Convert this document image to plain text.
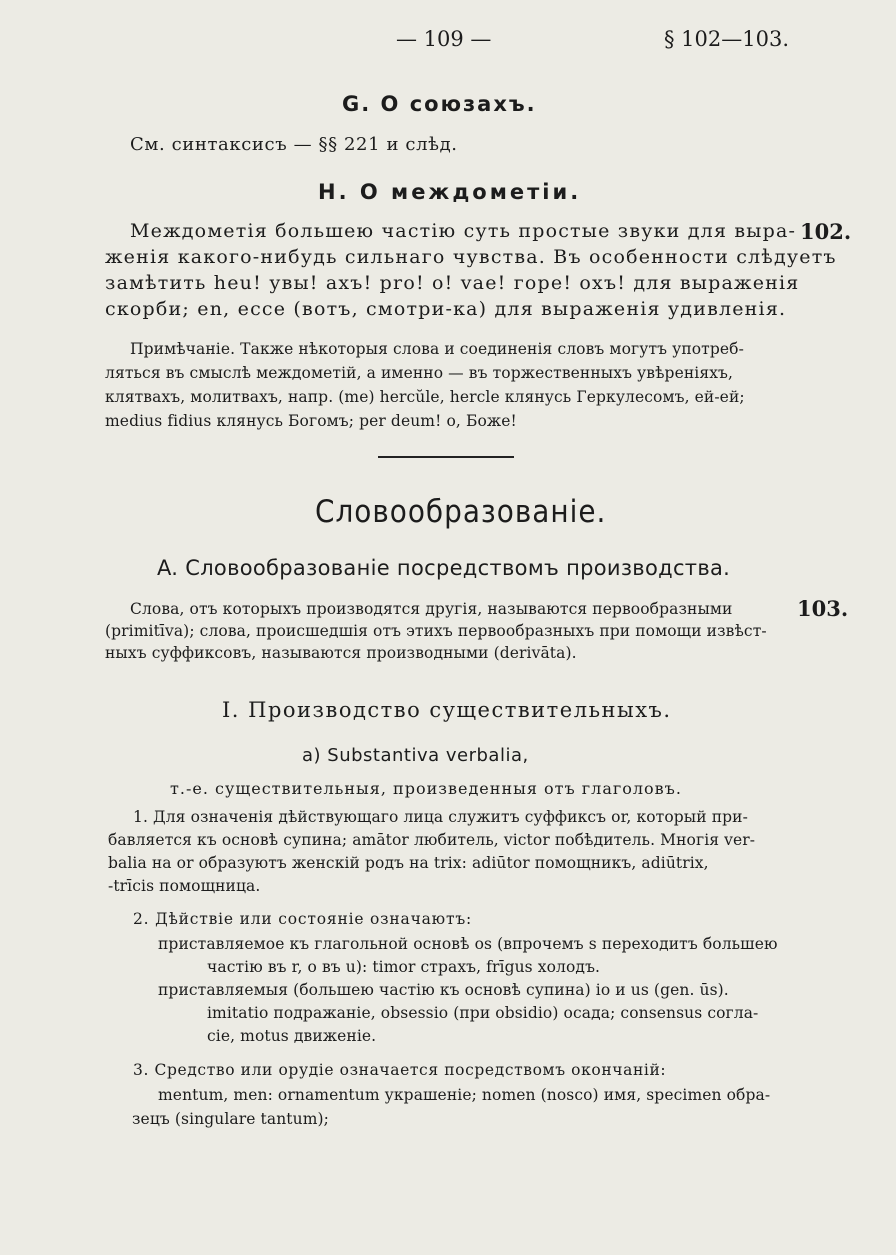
— 109 —	§ 102—103.
G. О союзахъ.
См. синтаксисъ — §§ 221 и слѣд.
H. О междометіи.
102.
Междометія большею частію суть простые звуки для выра-
женія какого-нибудь сильнаго чувства. Въ особенности слѣдуетъ
замѣтить heu! увы! ахъ! pro! о! vae! горе! охъ! для выраженія
скорби; en, ecce (вотъ, смотри-ка) для выраженія удивленія.
Примѣчаніе. Также нѣкоторыя слова и соединенія словъ могутъ употреб-
ляться въ смыслѣ междометій, а именно — въ торжественныхъ увѣреніяхъ,
клятвахъ, молитвахъ, напр. (me) hercŭle, hercle клянусь Геркулесомъ, ей-ей;
medius fidius клянусь Богомъ; per deum! о, Боже!
Словообразованіе.
A. Словообразованіе посредствомъ производства.
103.
Слова, отъ которыхъ производятся другія, называются первообразными
(primitīva); слова, происшедшія отъ этихъ первообразныхъ при помощи извѣст-
ныхъ суффиксовъ, называются производными (derivāta).
I. Производство существительныхъ.
a) Substantiva verbalia,
т.-е. существительныя, произведенныя отъ глаголовъ.
1. Для означенія дѣйствующаго лица служитъ суффиксъ or, который при-
бавляется къ основѣ супина; amātor любитель, victor побѣдитель. Многія ver-
balia на or образуютъ женскій родъ на trix: adiūtor помощникъ, adiūtrix,
-trīcis помощница.
2. Дѣйствіе или состояніе означаютъ:
приставляемое къ глагольной основѣ os (впрочемъ s переходитъ большею
частію въ r, о въ u): timor страхъ, frīgus холодъ.
приставляемыя (большею частію къ основѣ супина) io и us (gen. ūs).
imitatio подражаніе, obsessio (при obsidio) осада; consensus согла-
сіе, motus движеніе.
3. Средство или орудіе означается посредствомъ окончаній:
mentum, men: ornamentum украшеніе; nomen (nosco) имя, specimen обра-
зецъ (singulare tantum);
